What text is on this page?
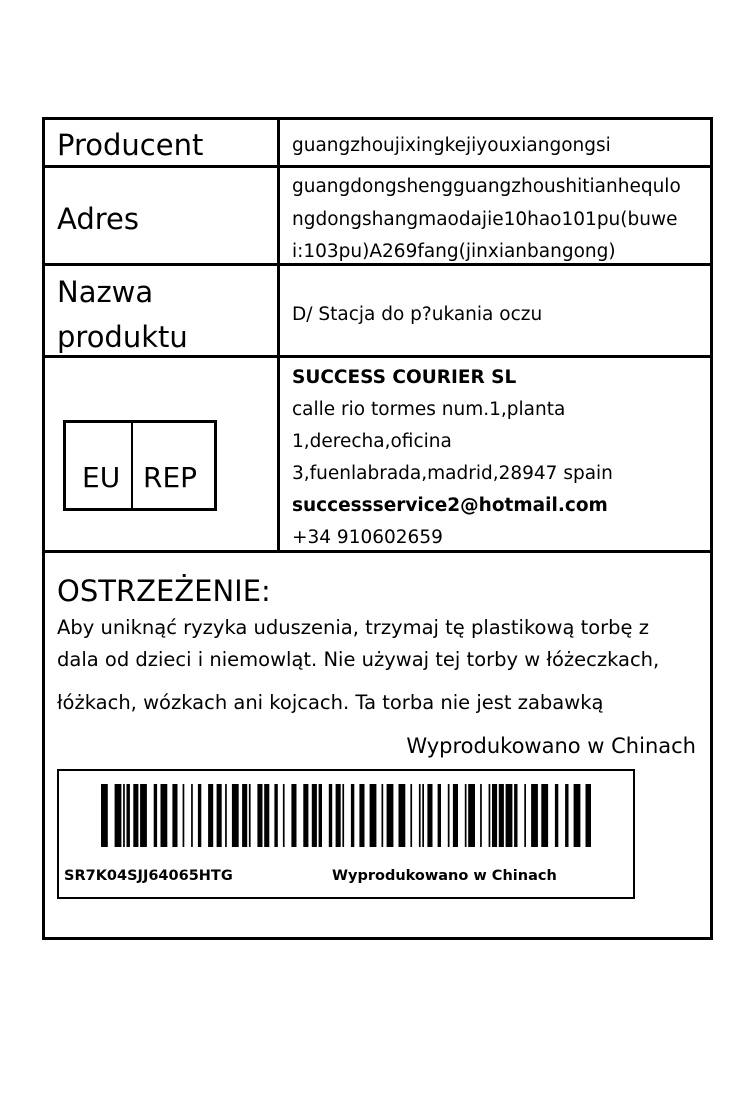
Producent	guangzhoujixingkejiyouxiangongsi
Adres
guangdongshengguangzhoushitianhequlo
ngdongshangmaodajie10hao101pu(buwe
i:103pu)A269fang(jinxianbangong)
Nazwa
produktu
D/ Stacja do p?ukania oczu
EU REP
SUCCESS COURIER SL
calle rio tormes num.1,planta
1,derecha,oficina
3,fuenlabrada,madrid,28947 spain
successservice2@hotmail.com
+34 910602659
OSTRZEŻENIE:
Aby uniknąć ryzyka uduszenia, trzymaj tę plastikową torbę z
dala od dzieci i niemowląt. Nie używaj tej torby w łóżeczkach,
łóżkach, wózkach ani kojcach. Ta torba nie jest zabawką
Wyprodukowano w Chinach
SR7K04SJJ64065HTG	Wyprodukowano w Chinach
